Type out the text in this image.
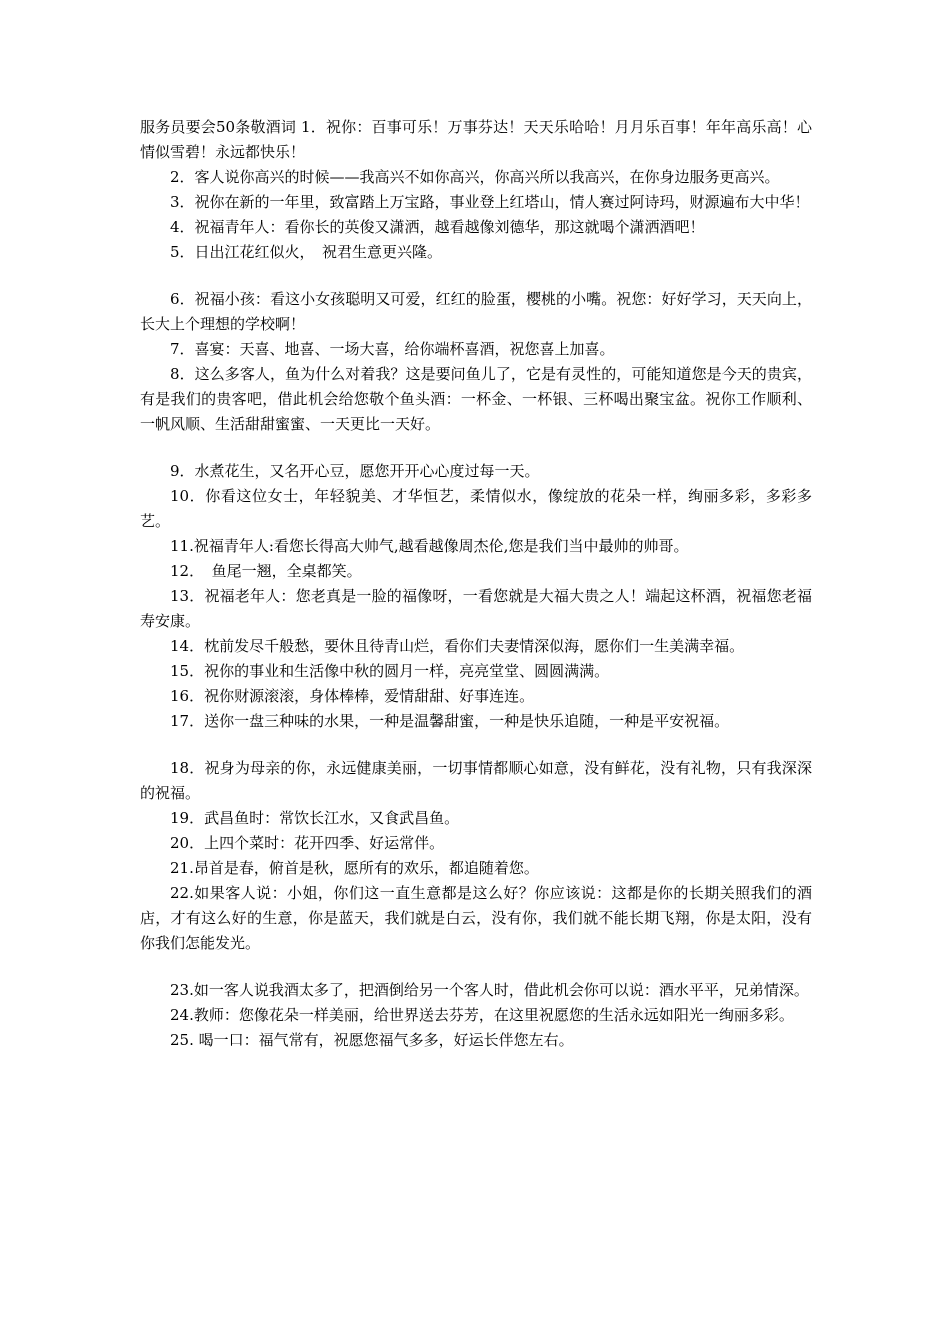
服务员要会50条敬酒词 1．祝你：百事可乐！万事芬达！天天乐哈哈！月月乐百事！年年高乐高！心情似雪碧！永远都快乐！

2．客人说你高兴的时候——我高兴不如你高兴，你高兴所以我高兴，在你身边服务更高兴。

3．祝你在新的一年里，致富踏上万宝路，事业登上红塔山，情人赛过阿诗玛，财源遍布大中华！

4．祝福青年人：看你长的英俊又潇洒，越看越像刘德华，那这就喝个潇洒酒吧！

5．日出江花红似火，　祝君生意更兴隆。

6．祝福小孩：看这小女孩聪明又可爱，红红的脸蛋，樱桃的小嘴。祝您：好好学习，天天向上，长大上个理想的学校啊！

7．喜宴：天喜、地喜、一场大喜，给你端杯喜酒，祝您喜上加喜。

8．这么多客人，鱼为什么对着我？这是要问鱼儿了，它是有灵性的，可能知道您是今天的贵宾，有是我们的贵客吧，借此机会给您敬个鱼头酒：一杯金、一杯银、三杯喝出聚宝盆。祝你工作顺利、一帆风顺、生活甜甜蜜蜜、一天更比一天好。

9．水煮花生，又名开心豆，愿您开开心心度过每一天。

10．你看这位女士，年轻貌美、才华恒艺，柔情似水，像绽放的花朵一样，绚丽多彩，多彩多艺。

11.祝福青年人:看您长得高大帅气,越看越像周杰伦,您是我们当中最帅的帅哥。

12．　鱼尾一翘，全桌都笑。

13．祝福老年人：您老真是一脸的福像呀，一看您就是大福大贵之人！端起这杯酒，祝福您老福寿安康。

14．枕前发尽千般愁，要休且待青山烂，看你们夫妻情深似海，愿你们一生美满幸福。

15．祝你的事业和生活像中秋的圆月一样，亮亮堂堂、圆圆满满。

16．祝你财源滚滚，身体棒棒，爱情甜甜、好事连连。

17．送你一盘三种味的水果，一种是温馨甜蜜，一种是快乐追随，一种是平安祝福。

18．祝身为母亲的你，永远健康美丽，一切事情都顺心如意，没有鲜花，没有礼物，只有我深深的祝福。

19．武昌鱼时：常饮长江水，又食武昌鱼。

20．上四个菜时：花开四季、好运常伴。

21.昂首是春，俯首是秋，愿所有的欢乐，都追随着您。

22.如果客人说：小姐，你们这一直生意都是这么好？你应该说：这都是你的长期关照我们的酒店，才有这么好的生意，你是蓝天，我们就是白云，没有你，我们就不能长期飞翔，你是太阳，没有你我们怎能发光。

23.如一客人说我酒太多了，把酒倒给另一个客人时，借此机会你可以说：酒水平平，兄弟情深。

24.教师：您像花朵一样美丽，给世界送去芬芳，在这里祝愿您的生活永远如阳光一绚丽多彩。

25. 喝一口：福气常有，祝愿您福气多多，好运长伴您左右。
